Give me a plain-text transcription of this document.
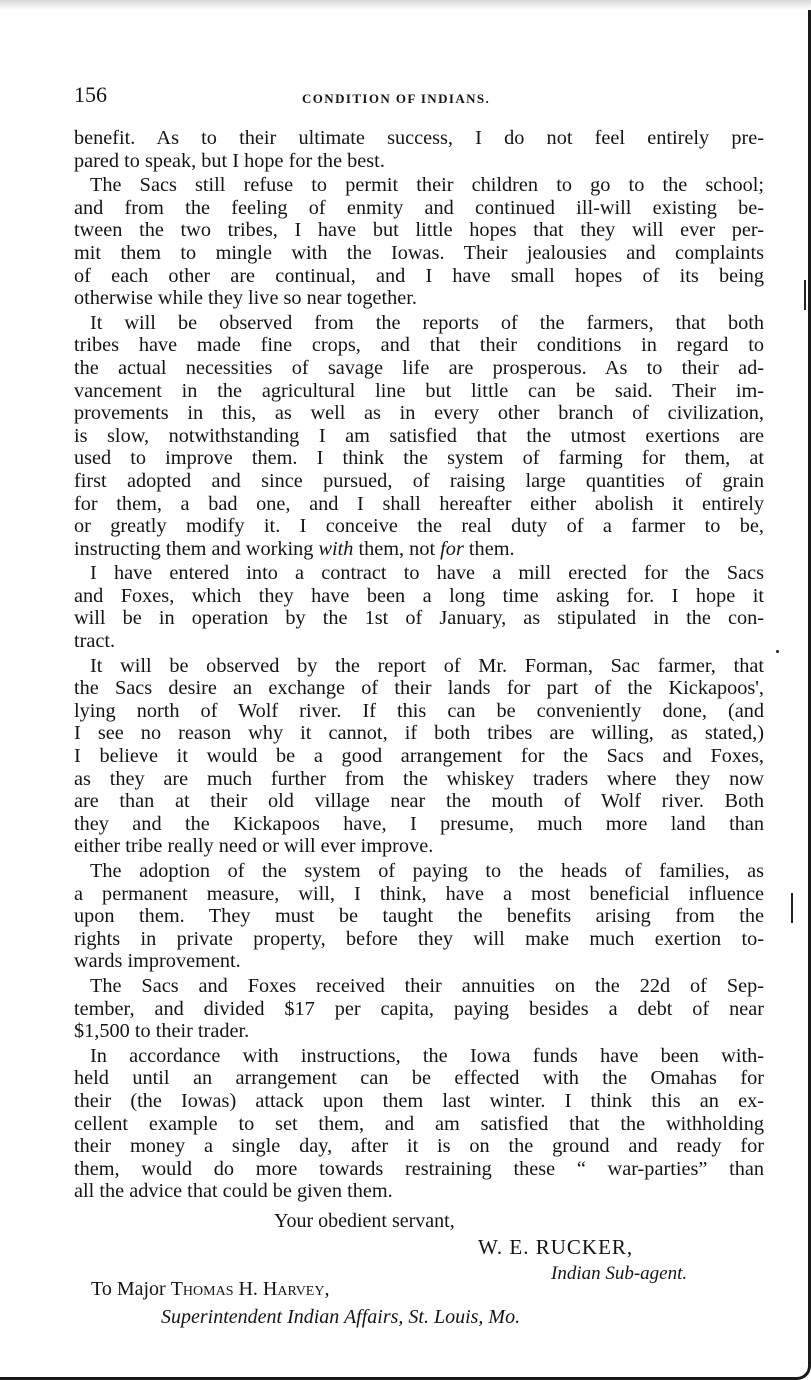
156	CONDITION OF INDIANS.

benefit. As to their ultimate success, I do not feel entirely pre-

pared to speak, but I hope for the best.

The Sacs still refuse to permit their children to go to the school;

and from the feeling of enmity and continued ill-will existing be-

tween the two tribes, I have but little hopes that they will ever per-

mit them to mingle with the Iowas. Their jealousies and complaints

of each other are continual, and I have small hopes of its being

otherwise while they live so near together.

It will be observed from the reports of the farmers, that both

tribes have made fine crops, and that their conditions in regard to

the actual necessities of savage life are prosperous. As to their ad-

vancement in the agricultural line but little can be said. Their im-

provements in this, as well as in every other branch of civilization,

is slow, notwithstanding I am satisfied that the utmost exertions are

used to improve them. I think the system of farming for them, at

first adopted and since pursued, of raising large quantities of grain

for them, a bad one, and I shall hereafter either abolish it entirely

or greatly modify it. I conceive the real duty of a farmer to be,

instructing them and working with them, not for them.

I have entered into a contract to have a mill erected for the Sacs

and Foxes, which they have been a long time asking for. I hope it

will be in operation by the 1st of January, as stipulated in the con-

tract.

It will be observed by the report of Mr. Forman, Sac farmer, that

the Sacs desire an exchange of their lands for part of the Kickapoos',

lying north of Wolf river. If this can be conveniently done, (and

I see no reason why it cannot, if both tribes are willing, as stated,)

I believe it would be a good arrangement for the Sacs and Foxes,

as they are much further from the whiskey traders where they now

are than at their old village near the mouth of Wolf river. Both

they and the Kickapoos have, I presume, much more land than

either tribe really need or will ever improve.

The adoption of the system of paying to the heads of families, as

a permanent measure, will, I think, have a most beneficial influence

upon them. They must be taught the benefits arising from the

rights in private property, before they will make much exertion to-

wards improvement.

The Sacs and Foxes received their annuities on the 22d of Sep-

tember, and divided $17 per capita, paying besides a debt of near

$1,500 to their trader.

In accordance with instructions, the Iowa funds have been with-

held until an arrangement can be effected with the Omahas for

their (the Iowas) attack upon them last winter. I think this an ex-

cellent example to set them, and am satisfied that the withholding

their money a single day, after it is on the ground and ready for

them, would do more towards restraining these “ war-parties” than

all the advice that could be given them.

Your obedient servant,
W. E. RUCKER,
Indian Sub-agent.
To Major Thomas H. Harvey,
Superintendent Indian Affairs, St. Louis, Mo.
